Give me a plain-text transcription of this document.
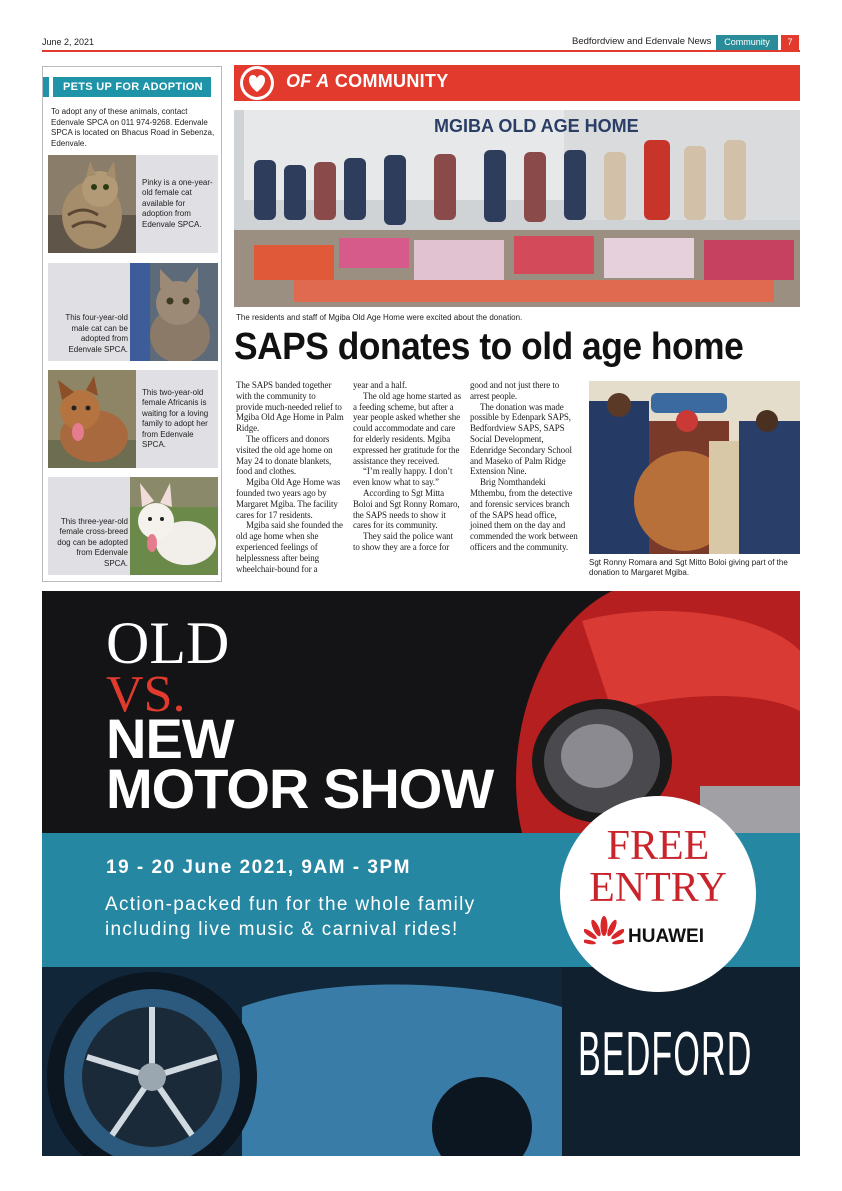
June 2, 2021	Bedfordview and Edenvale News	Community	7
PETS UP FOR ADOPTION
To adopt any of these animals, contact Edenvale SPCA on 011 974-9268. Edenvale SPCA is located on Bhacus Road in Sebenza, Edenvale.
Pinky is a one-year-old female cat available for adoption from Edenvale SPCA.
This four-year-old male cat can be adopted from Edenvale SPCA.
This two-year-old female Africanis is waiting for a loving family to adopt her from Edenvale SPCA.
This three-year-old female cross-breed dog can be adopted from Edenvale SPCA.
OF A COMMUNITY
MGIBA OLD AGE HOME
The residents and staff of Mgiba Old Age Home were excited about the donation.
SAPS donates to old age home

The SAPS banded together with the community to provide much-needed relief to Mgiba Old Age Home in Palm Ridge.

The officers and donors visited the old age home on May 24 to donate blankets, food and clothes.

Mgiba Old Age Home was founded two years ago by Margaret Mgiba. The facility cares for 17 residents.

Mgiba said she founded the old age home when she experienced feelings of helplessness after being wheelchair-bound for a

year and a half.

The old age home started as a feeding scheme, but after a year people asked whether she could accommodate and care for elderly residents. Mgiba expressed her gratitude for the assistance they received.

“I’m really happy. I don’t even know what to say.”

According to Sgt Mitta Boloi and Sgt Ronny Romaro, the SAPS needs to show it cares for its community.

They said the police want to show they are a force for

good and not just there to arrest people.

The donation was made possible by Edenpark SAPS, Bedfordview SAPS, SAPS Social Development, Edenridge Secondary School and Maseko of Palm Ridge Extension Nine.

Brig Nomthandeki Mthembu, from the detective and forensic services branch of the SAPS head office, joined them on the day and commended the work between officers and the community.

Sgt Ronny Romara and Sgt Mitto Boloi giving part of the donation to Margaret Mgiba.
OLD
VS.
NEW
MOTOR SHOW
19 - 20 June 2021, 9AM - 3PM
Action-packed fun for the whole family
including live music & carnival rides!
BEDFORD
FREE
ENTRY
HUAWEI
